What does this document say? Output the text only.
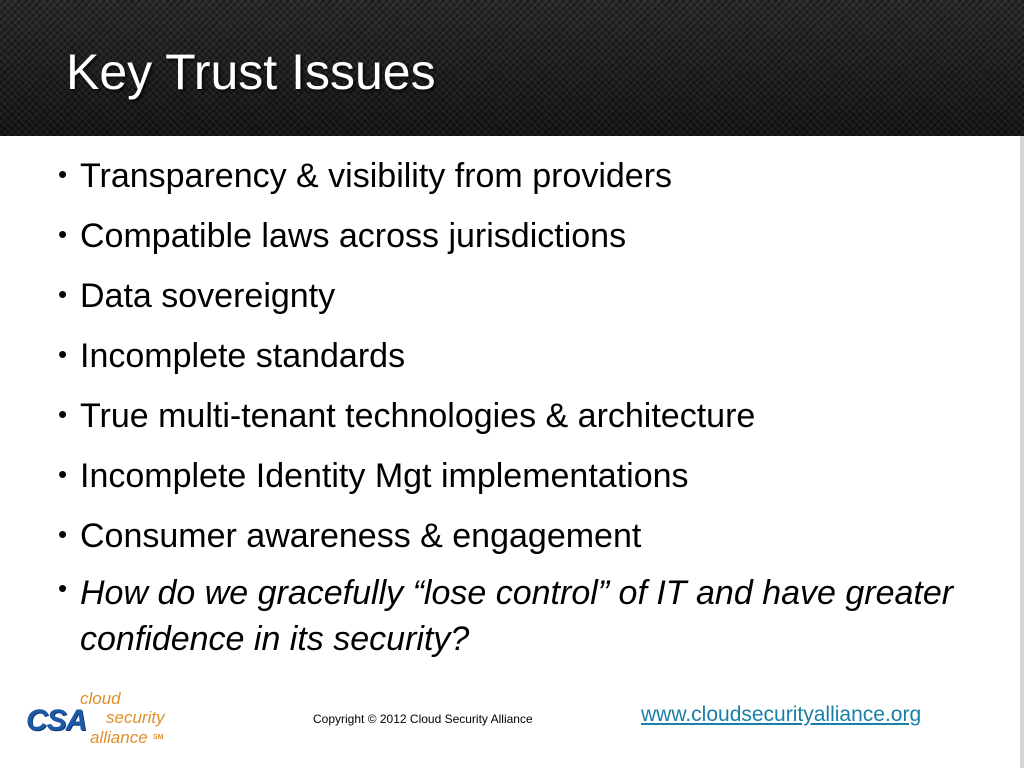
Key Trust Issues
• Transparency & visibility from providers
• Compatible laws across jurisdictions
• Data sovereignty
• Incomplete standards
• True multi-tenant technologies & architecture
• Incomplete Identity Mgt implementations
• Consumer awareness & engagement
• How do we gracefully “lose control” of IT and have greater confidence in its security?
CSA
cloud
security
alliance SM
Copyright © 2012 Cloud Security Alliance	www.cloudsecurityalliance.org
